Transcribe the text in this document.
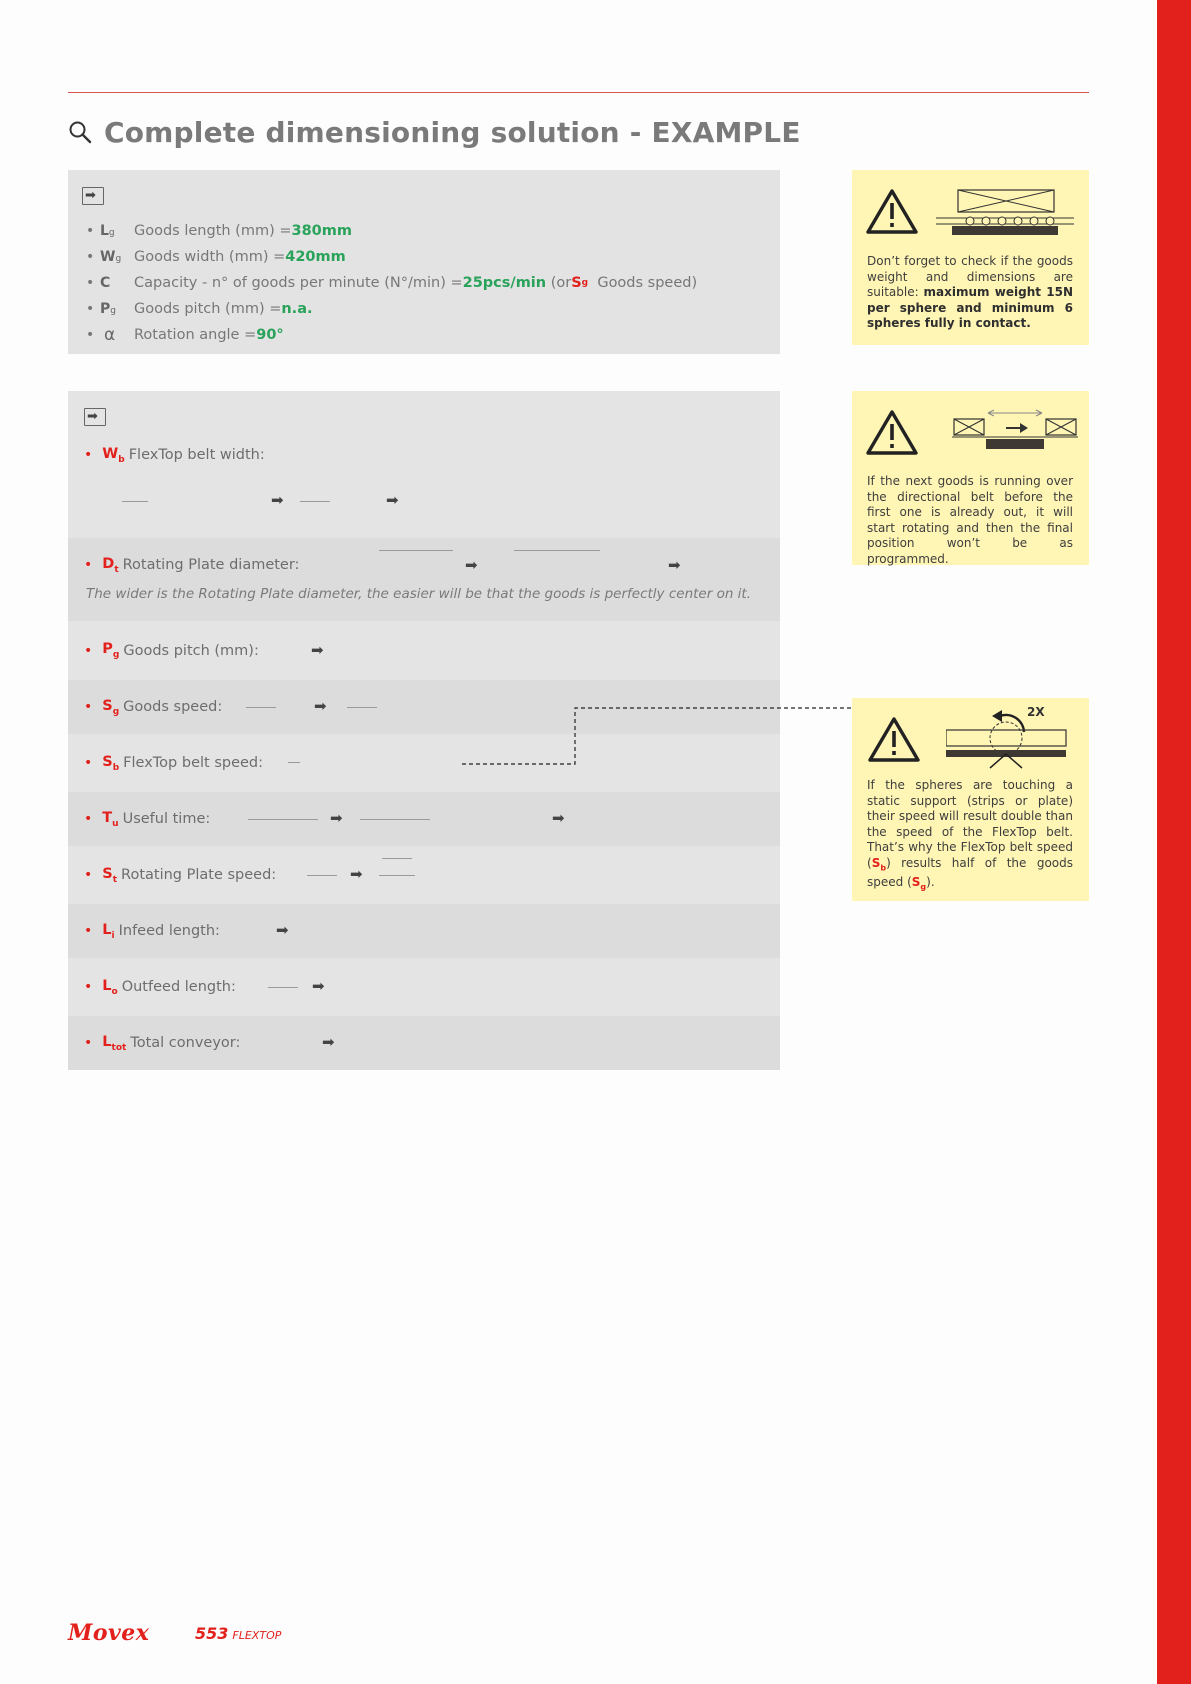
Complete dimensioning solution - EXAMPLE
➡
• Lg	Goods length (mm) = 380mm
• Wg Goods width (mm) = 420mm
• C	Capacity - n° of goods per minute (N°/min) = 25pcs/min
(or S g
Goods speed)
• Pg	Goods pitch (mm) = n.a.
• α	Rotation angle = 90°
➡
• $W_b$ FlexTop belt width:
➡	➡
• $D_t$ Rotating Plate diameter:	➡	➡
The wider is the Rotating Plate diameter, the easier will be that the goods is perfectly center on it.
• $P_g$ Goods pitch (mm):	➡
• $S_g$ Goods speed:	➡
• $S_b$ FlexTop belt speed:
• $T_u$ Useful time:	➡	➡
• $S_t$ Rotating Plate speed:	➡
• $L_i$ Infeed length:	➡
• $L_o$ Outfeed length:	➡
• $L_{tot}$ Total conveyor:	➡

Don’t forget to check if the goods weight and dimensions are suitable: maximum weight 15N per sphere and minimum 6 spheres fully in contact.

If the next goods is running over the directional belt before the first one is already out, it will start rotating and then the final position won’t be as programmed.

2X

If the spheres are touching a static support (strips or plate) their speed will result double than the speed of the FlexTop belt. That’s why the FlexTop belt speed $(S_b)$ results half of the goods speed $(S_g)$.

Movex	553 FLEXTOP
